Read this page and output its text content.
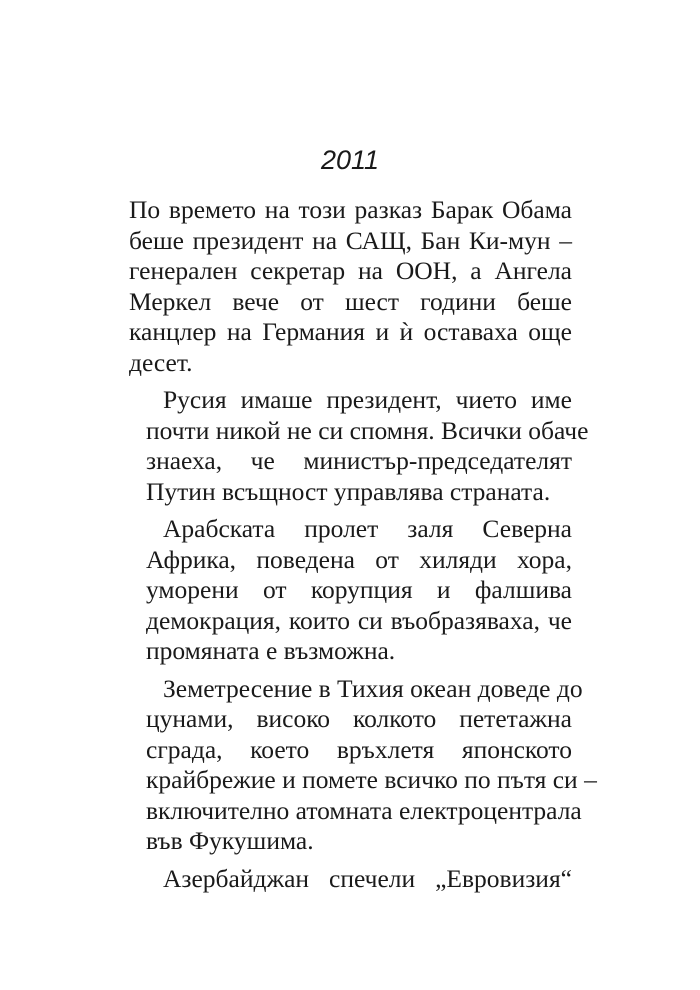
2011
По времето на този разказ Барак Обама
беше президент на САЩ, Бан Ки-мун –
генерален секретар на ООН, а Ангела
Меркел вече от шест години беше
канцлер на Германия и ѝ оставаха още
десет.
Русия имаше президент, чието име
почти никой не си спомня. Всички обаче
знаеха, че министър-председателят
Путин всъщност управлява страната.
Арабската пролет заля Северна
Африка, поведена от хиляди хора,
уморени от корупция и фалшива
демокрация, които си въобразяваха, че
промяната е възможна.
Земетресение в Тихия океан доведе до
цунами, високо колкото пететажна
сграда, което връхлетя японското
крайбрежие и помете всичко по пътя си –
включително атомната електроцентрала
във Фукушима.
Азербайджан спечели „Евровизия“
